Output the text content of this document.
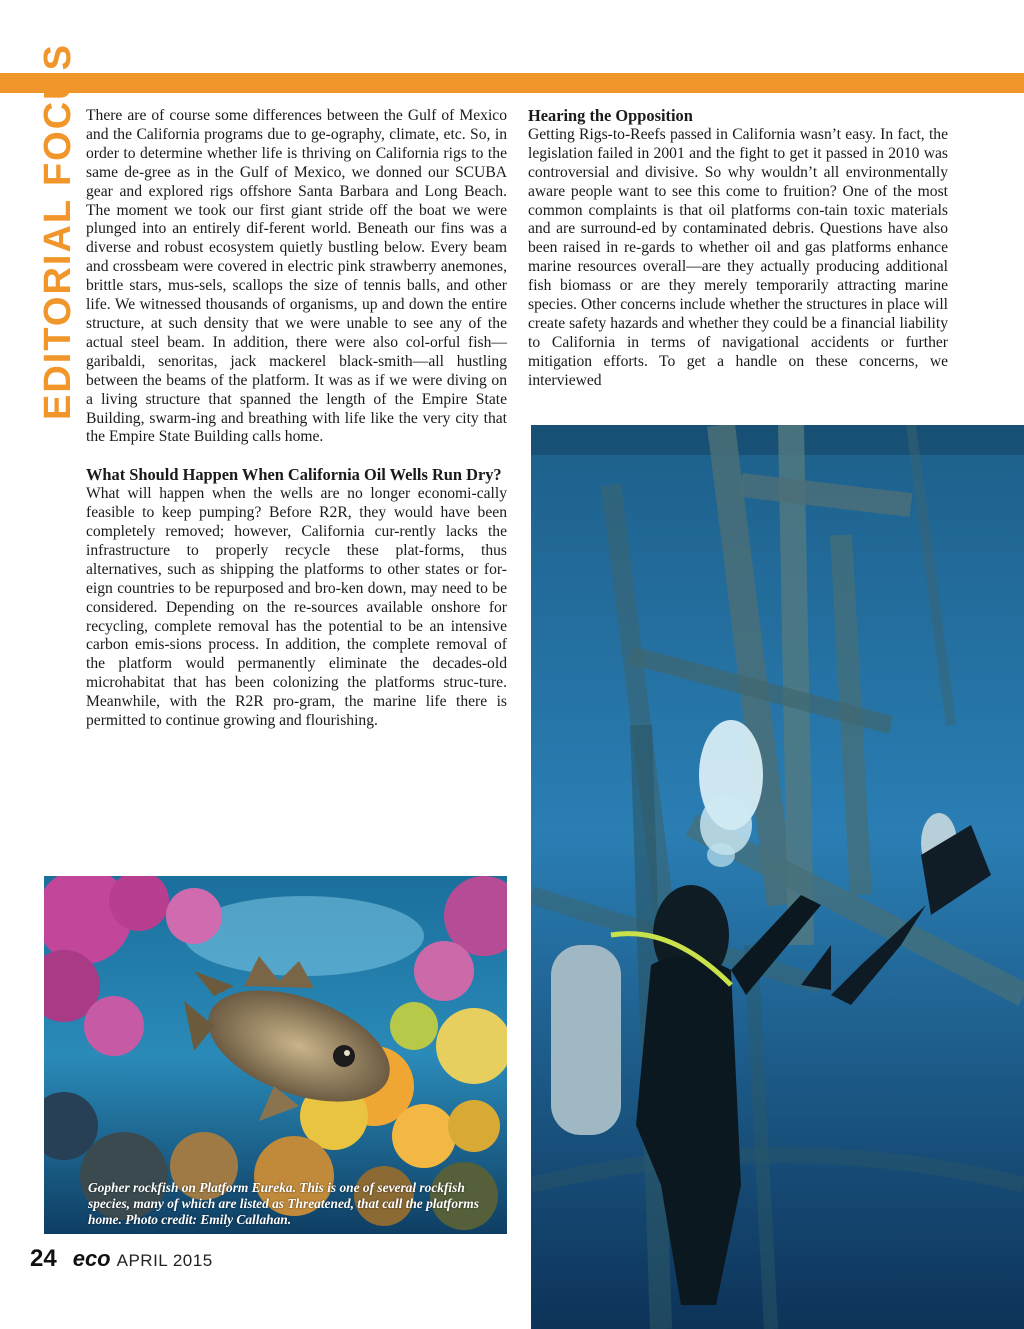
EDITORIAL FOCUS There are of course some differences between the Gulf of Mexico and the California programs due to ge-ography, climate, etc. So, in order to determine whether life is thriving on California rigs to the same de-gree as in the Gulf of Mexico, we donned our SCUBA gear and explored rigs offshore Santa Barbara and Long Beach. The moment we took our first giant stride off the boat we were plunged into an entirely dif-ferent world. Beneath our fins was a diverse and robust ecosystem quietly bustling below. Every beam and crossbeam were covered in electric pink strawberry anemones, brittle stars, mus-sels, scallops the size of tennis balls, and other life. We witnessed thousands of organisms, up and down the entire structure, at such density that we were unable to see any of the actual steel beam. In addition, there were also col-orful fish—garibaldi, senoritas, jack mackerel black-smith—all hustling between the beams of the platform. It was as if we were diving on a living structure that spanned the length of the Empire State Building, swarm-ing and breathing with life like the very city that the Empire State Building calls home.

What Should Happen When California Oil Wells Run Dry?

What will happen when the wells are no longer economi-cally feasible to keep pumping? Before R2R, they would have been completely removed; however, California cur-rently lacks the infrastructure to properly recycle these plat-forms, thus alternatives, such as shipping the platforms to other states or for-eign countries to be repurposed and bro-ken down, may need to be considered. Depending on the re-sources available onshore for recycling, complete removal has the potential to be an intensive carbon emis-sions process. In addition, the complete removal of the platform would permanently eliminate the decades-old microhabitat that has been colonizing the platforms struc-ture. Meanwhile, with the R2R pro-gram, the marine life there is permitted to continue growing and flourishing.

Hearing the Opposition

Getting Rigs-to-Reefs passed in California wasn’t easy. In fact, the legislation failed in 2001 and the fight to get it passed in 2010 was controversial and divisive. So why wouldn’t all environmentally aware people want to see this come to fruition? One of the most common complaints is that oil platforms con-tain toxic materials and are surround-ed by contaminated debris. Questions have also been raised in re-gards to whether oil and gas platforms enhance marine resources overall—are they actually producing additional fish biomass or are they merely temporarily attracting marine species. Other concerns include whether the structures in place will create safety hazards and whether they could be a financial liability to California in terms of navigational accidents or further mitigation efforts. To get a handle on these concerns, we interviewed

Gopher rockfish on Platform Eureka. This is one of several rockfish species, many of which are listed as Threatened, that call the platforms home. Photo credit: Emily Callahan.
24 eco APRIL 2015
